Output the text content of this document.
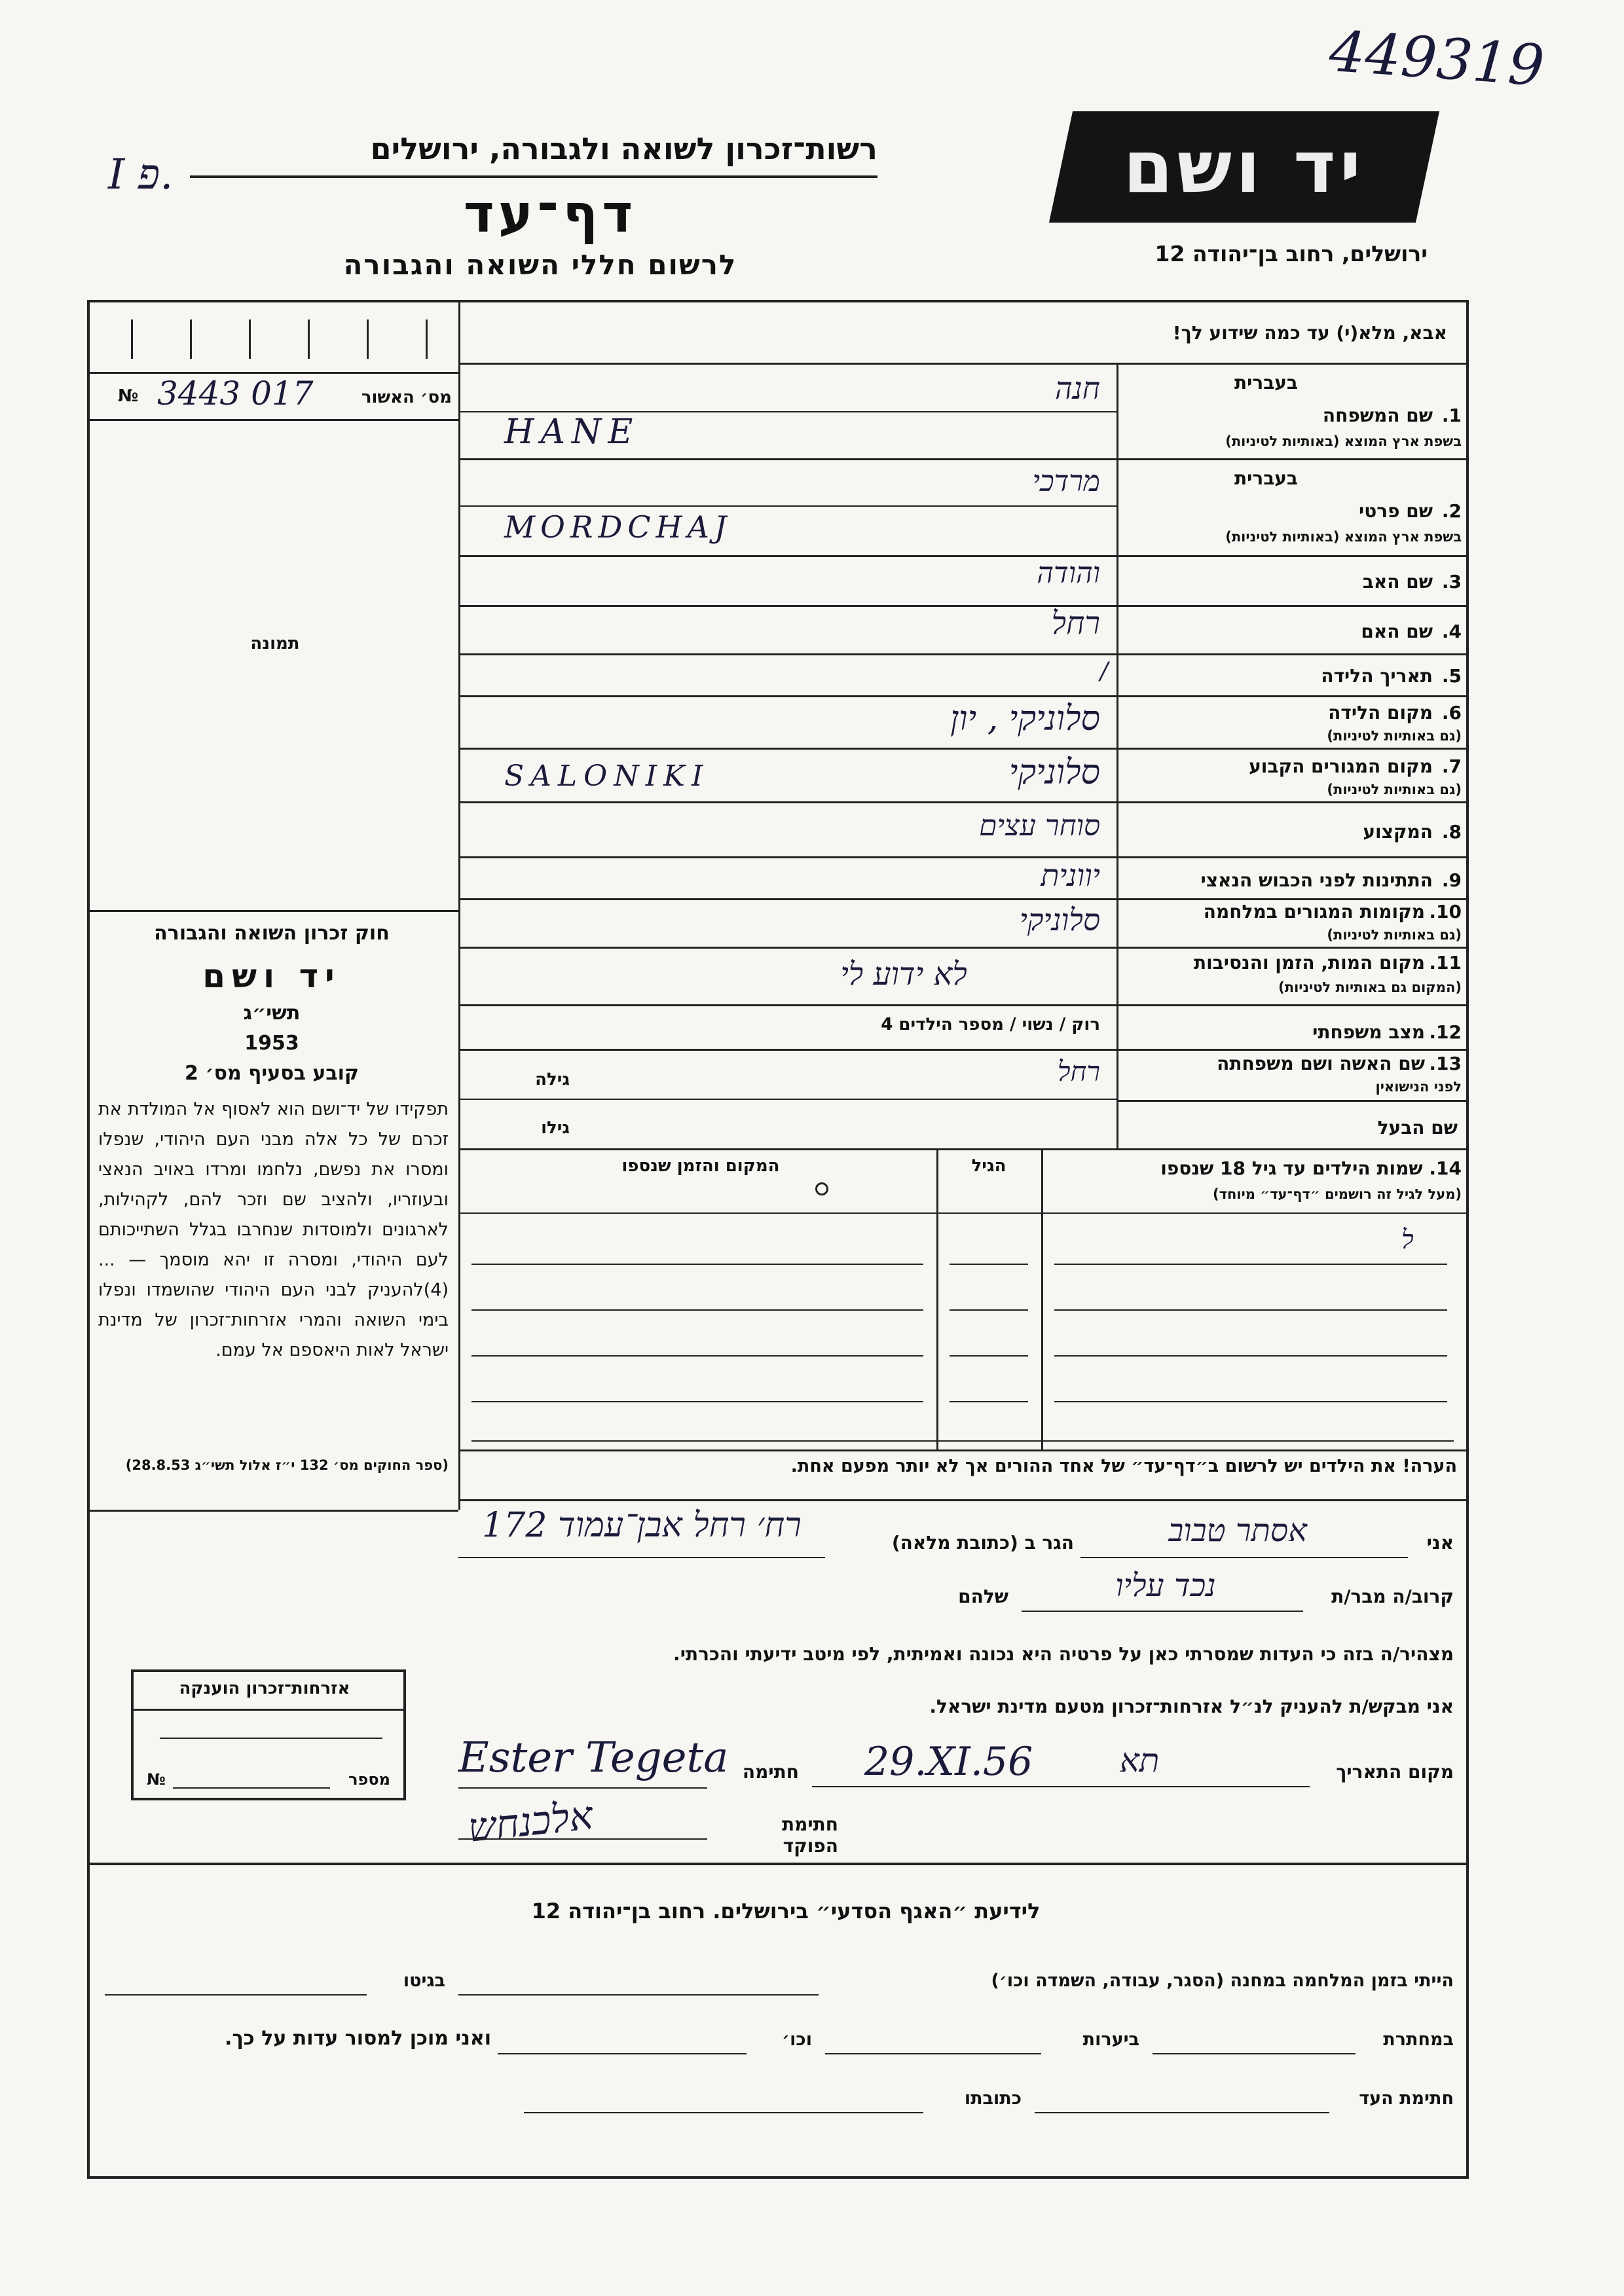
449319
I פ.
רשות־זכרון לשואה ולגבורה, ירושלים
דף־עד
לרשום חללי השואה והגבורה
יד ושם
ירושלים, רחוב בן־יהודה 12
אבא, מלא(י) עד כמה שידוע לך!
№ 3443 017	מס׳ האשור
תמונה
חוק זכרון השואה והגבורה
יד ושם
תשי״ג
1953
קובע בסעיף מס׳ 2
תפקידו של יד־ושם הוא לאסוף אל המולדת את זכרם של כל אלה מבני העם היהודי, שנפלו ומסרו את נפשם, נלחמו ומרדו באויב הנאצי ובעוזריו, ולהציב שם וזכר להם, לקהילות, לארגונים ולמוסדות שנחרבו בגלל השתייכותם לעם היהודי, ומסרה זו יהא מוסמך — ...(4)להעניק לבני העם היהודי שהושמדו ונפלו בימי השואה והמרי אזרחות־זכרון של מדינת ישראל לאות היאספם אל עמם.
(ספר החוקים מס׳ 132 י״ז אלול תשי״ג 28.8.53)
1.
שם המשפחה
בעברית
בשפת ארץ המוצא (באותיות לטיניות)
חנה
HANE
2.
שם פרטי
בעברית
בשפת ארץ המוצא (באותיות לטיניות)
מרדכי
MORDCHAJ
3.
שם האב
והודה
4.
שם האם
רחל
5.
תאריך הלידה
/
6.
מקום הלידה
(גם באותיות לטיניות)
סלוניקי , יון
7.
מקום המגורים הקבוע
(גם באותיות לטיניות)
SALONIKI	סלוניקי
8.
המקצוע
סוחר עצים
9.
התתינות לפני הכבוש הנאצי
יוונית
10.
מקומות המגורים במלחמה
(גם באותיות לטיניות)
סלוניקי
11.
מקום המות, הזמן והנסיבות
(המקום גם באותיות לטיניות)
לא ידוע לי
12.
מצב משפחתי
רוק / נשוי / מספר הילדים 4
13.
שם האשה ושם משפחתה
לפני הנישואין
רחל
גילה
שם הבעל
גילו
14. שמות הילדים עד גיל 18 שנספו
(מעל לגיל זה רושמים ״דף־עד״ מיוחד)
הגיל
המקום והזמן שנספו
ל
הערה! את הילדים יש לרשום ב״דף־עד״ של אחד ההורים אך לא יותר מפעם אחת.
אני
אסתר טבוב
הגר ב (כתובת מלאה)
רח׳ רחל אבן־עמוד 172
קרוב/ה מבר/ת
נכד עליו
שלהם
מצהיר/ה בזה כי העדות שמסרתי כאן על פרטיה היא נכונה ואמיתית, לפי מיטב ידיעתי והכרתי.
אני מבקש/ת להעניק לנ״ל אזרחות־זכרון מטעם מדינת ישראל.
מקום התאריך
תא
29.XI.56
חתימה
Ester Tegeta
חתימת הפוקד
אלכנחש
אזרחות־זכרון הוענקה
מספר
№
לידיעת ״האגף הסדעי״ בירושלים. רחוב בן־יהודה 12
הייתי בזמן המלחמה במחנה (הסגר, עבודה, השמדה וכו׳)
בגיטו
במחתרת
ביערות
וכו׳
ואני מוכן למסור עדות על כך.
חתימת העד
כתובתו
